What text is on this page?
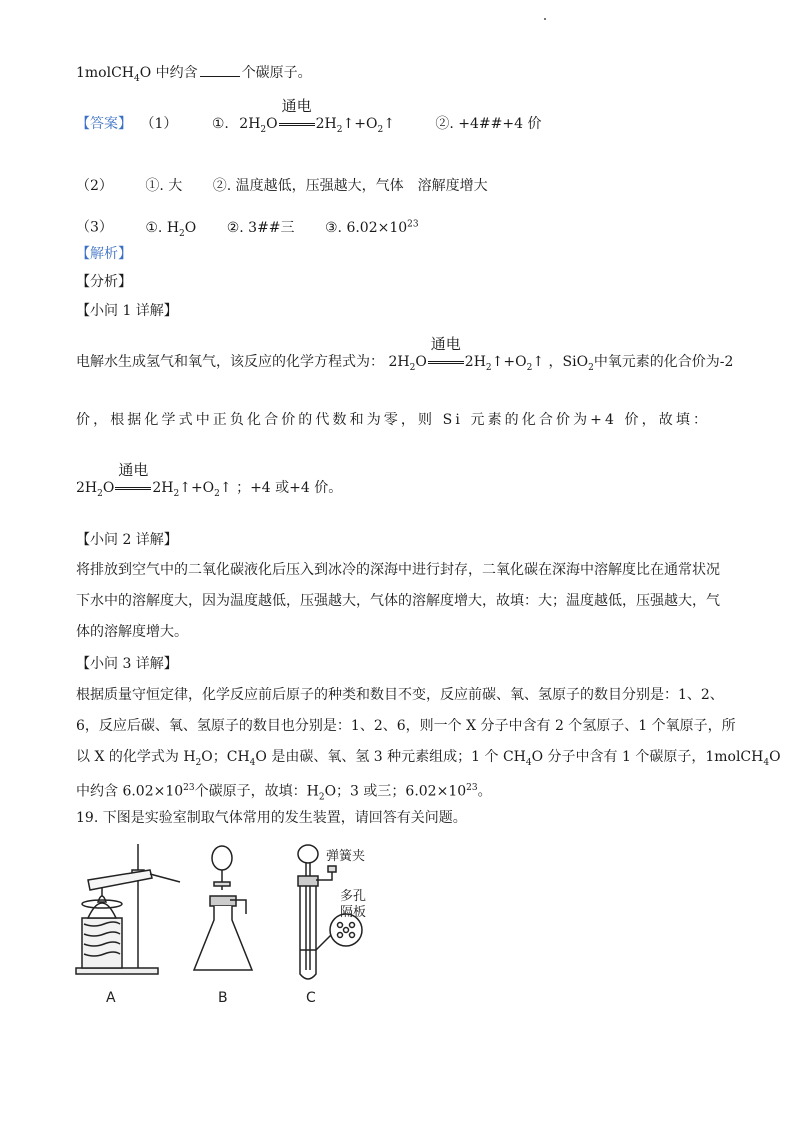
1molCH$_4$O 中约含	个碳原子。
【答案】 （1） ①. $2H_2O$
通电
$2H_2↑+O_2↑$	②. +4##+4 价
（2） ①. 大 ②. 温度越低，压强越大，气体　溶解度增大
（3） ①. $H_2O$ ②. 3##三 ③. $6.02\times 10^{23}$
【解析】
【分析】
【小问 1 详解】
电解水生成氢气和氧气，该反应的化学方程式为： $2H_2O$
通电
$2H_2↑+O_2↑$ ，SiO$_2$中氧元素的化合价为-2
价，根据化学式中正负化合价的代数和为零，则 Si 元素的化合价为+4 价，故填：
$2H_2O$
通电
$2H_2↑+O_2↑$ ；+4 或+4 价。
【小问 2 详解】
将排放到空气中的二氧化碳液化后压入到冰冷的深海中进行封存，二氧化碳在深海中溶解度比在通常状况
下水中的溶解度大，因为温度越低，压强越大，气体的溶解度增大，故填：大；温度越低，压强越大，气
体的溶解度增大。
【小问 3 详解】
根据质量守恒定律，化学反应前后原子的种类和数目不变，反应前碳、氧、氢原子的数目分别是：1、2、
6，反应后碳、氧、氢原子的数目也分别是：1、2、6，则一个 X 分子中含有 2 个氢原子、1 个氧原子，所
以 X 的化学式为 $H_2O$；$CH_4O$ 是由碳、氧、氢 3 种元素组成；1 个 $CH_4O$ 分子中含有 1 个碳原子，1molCH$_4$O
中约含 $6.02\times 10^{23}$个碳原子，故填：$H_2O$；3 或三；$6.02\times 10^{23}$。
19. 下图是实验室制取气体常用的发生装置，请回答有关问题。
A	B	C
弹簧夹
多孔
隔板
